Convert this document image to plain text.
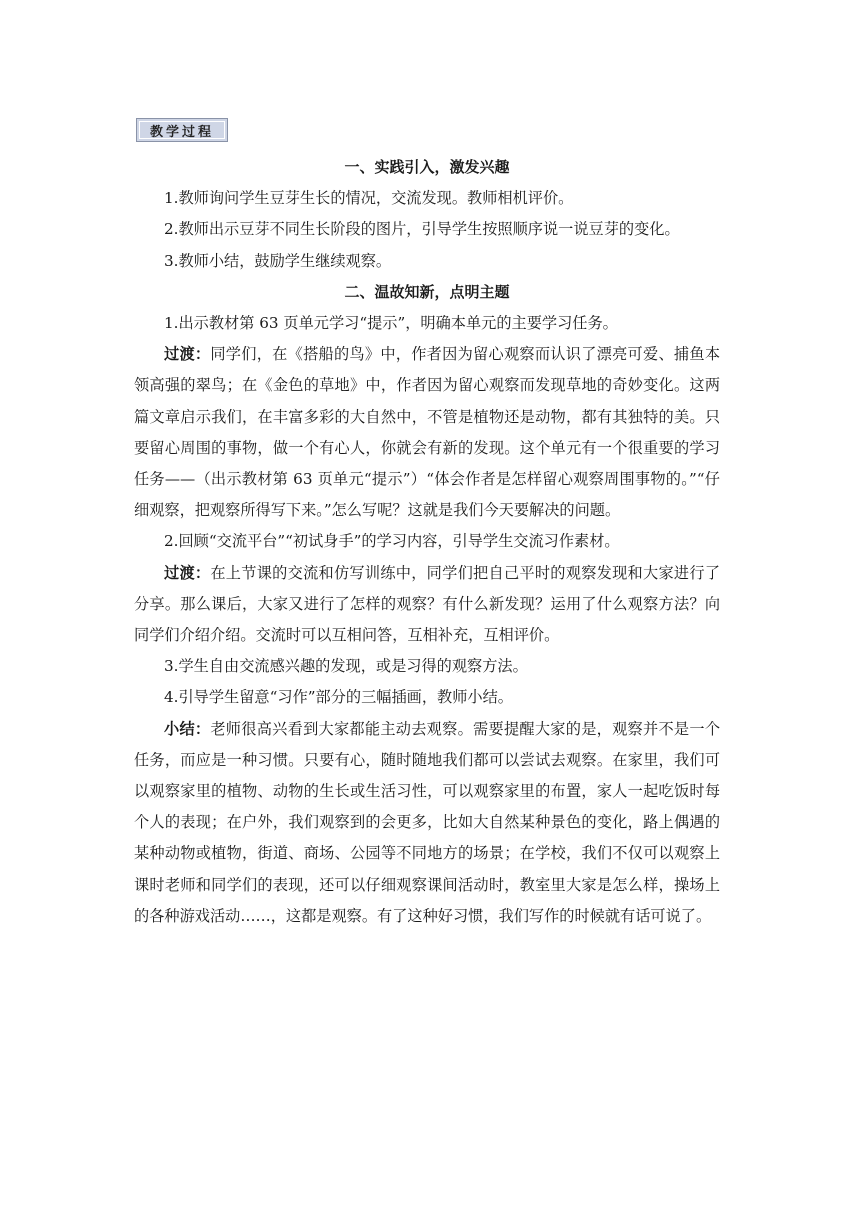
教学过程
一、实践引入，激发兴趣
1.教师询问学生豆芽生长的情况，交流发现。教师相机评价。
2.教师出示豆芽不同生长阶段的图片，引导学生按照顺序说一说豆芽的变化。
3.教师小结，鼓励学生继续观察。
二、温故知新，点明主题
1.出示教材第 63 页单元学习“提示”，明确本单元的主要学习任务。
过渡：同学们，在《搭船的鸟》中，作者因为留心观察而认识了漂亮可爱、捕鱼本领高强的翠鸟；在《金色的草地》中，作者因为留心观察而发现草地的奇妙变化。这两篇文章启示我们，在丰富多彩的大自然中，不管是植物还是动物，都有其独特的美。只要留心周围的事物，做一个有心人，你就会有新的发现。这个单元有一个很重要的学习任务——（出示教材第 63 页单元“提示”）“体会作者是怎样留心观察周围事物的。”“仔细观察，把观察所得写下来。”怎么写呢？这就是我们今天要解决的问题。
2.回顾“交流平台”“初试身手”的学习内容，引导学生交流习作素材。
过渡：在上节课的交流和仿写训练中，同学们把自己平时的观察发现和大家进行了分享。那么课后，大家又进行了怎样的观察？有什么新发现？运用了什么观察方法？向同学们介绍介绍。交流时可以互相问答，互相补充，互相评价。
3.学生自由交流感兴趣的发现，或是习得的观察方法。
4.引导学生留意“习作”部分的三幅插画，教师小结。
小结：老师很高兴看到大家都能主动去观察。需要提醒大家的是，观察并不是一个任务，而应是一种习惯。只要有心，随时随地我们都可以尝试去观察。在家里，我们可以观察家里的植物、动物的生长或生活习性，可以观察家里的布置，家人一起吃饭时每个人的表现；在户外，我们观察到的会更多，比如大自然某种景色的变化，路上偶遇的某种动物或植物，街道、商场、公园等不同地方的场景；在学校，我们不仅可以观察上课时老师和同学们的表现，还可以仔细观察课间活动时，教室里大家是怎么样，操场上的各种游戏活动……，这都是观察。有了这种好习惯，我们写作的时候就有话可说了。
